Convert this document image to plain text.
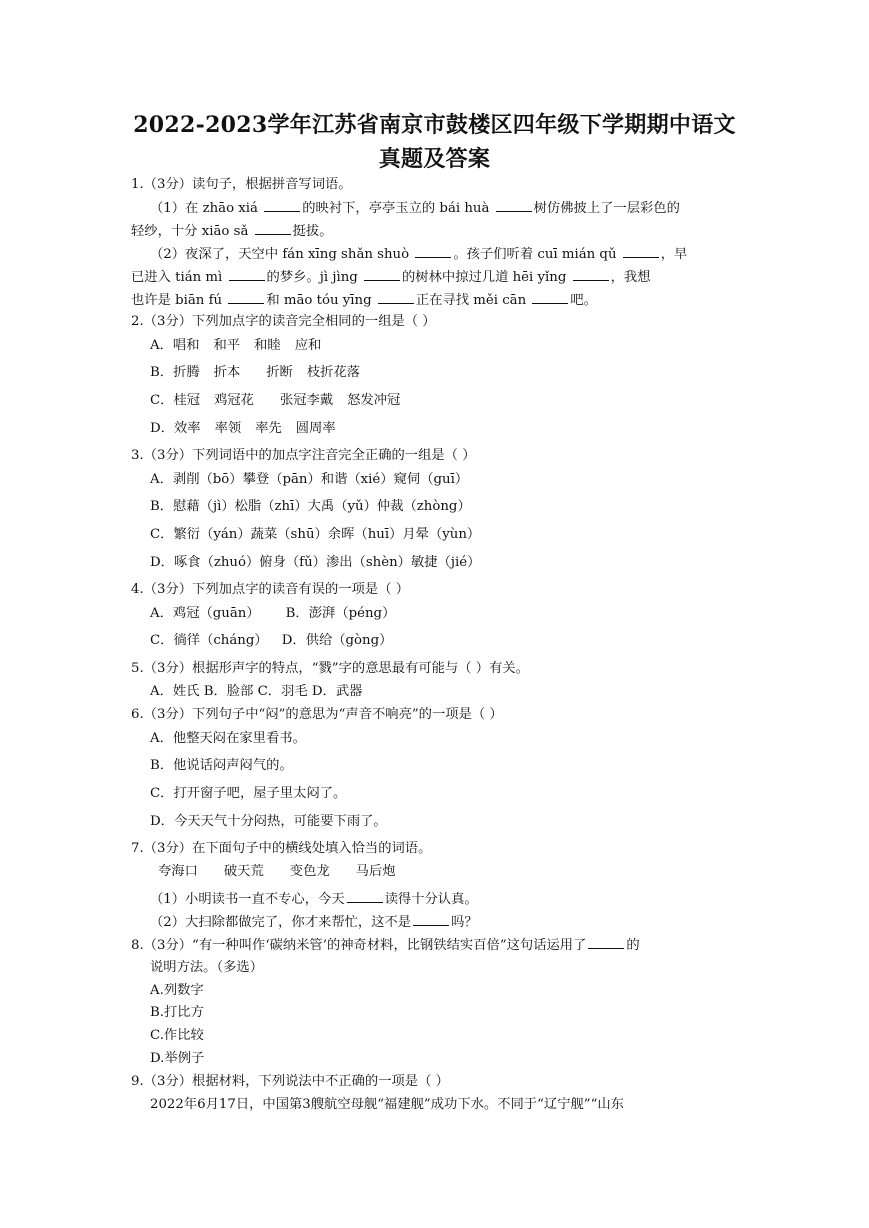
2022-2023学年江苏省南京市鼓楼区四年级下学期期中语文
真题及答案
1.（3分）读句子，根据拼音写词语。
（1）在 zhāo xiá	的映衬下，亭亭玉立的 bái huà	树仿佛披上了一层彩色的
轻纱，十分 xiāo sǎ	挺拔。
（2）夜深了，天空中 fán xīng shǎn shuò	。孩子们听着 cuī mián qǔ	，早
已进入 tián mì	的梦乡。jì jìng	的树林中掠过几道 hēi yǐng	，我想
也许是 biān fú	和 māo tóu yīng	正在寻找 měi cān	吧。
2.（3分）下列加点字的读音完全相同的一组是（ ）
A．唱和 和平 和睦 应和
B．折腾 折本 折断 枝折花落
C．桂冠 鸡冠花 张冠李戴 怒发冲冠
D．效率 率领 率先 圆周率
3.（3分）下列词语中的加点字注音完全正确的一组是（ ）
A．剥削（bō）攀登（pān）和谐（xié）窥伺（guī）
B．慰藉（jì）松脂（zhī）大禹（yǔ）仲裁（zhòng）
C．繁衍（yán）蔬菜（shū）余晖（huī）月晕（yùn）
D．啄食（zhuó）俯身（fǔ）渗出（shèn）敏捷（jié）
4.（3分）下列加点字的读音有误的一项是（ ）
A．鸡冠（guān） B．澎湃（péng）
C．徜徉（cháng） D．供给（gòng）
5.（3分）根据形声字的特点，“戮”字的意思最有可能与（ ）有关。
A．姓氏 B．脸部 C．羽毛 D．武器
6.（3分）下列句子中“闷”的意思为“声音不响亮”的一项是（ ）
A．他整天闷在家里看书。
B．他说话闷声闷气的。
C．打开窗子吧，屋子里太闷了。
D．今天天气十分闷热，可能要下雨了。
7.（3分）在下面句子中的横线处填入恰当的词语。
夸海口 破天荒 变色龙 马后炮
（1）小明读书一直不专心，今天	读得十分认真。
（2）大扫除都做完了，你才来帮忙，这不是	吗？
8.（3分）“有一种叫作‘碳纳米管’的神奇材料，比钢铁结实百倍”这句话运用了	的
说明方法。（多选）
A.列数字
B.打比方
C.作比较
D.举例子
9.（3分）根据材料，下列说法中不正确的一项是（ ）
2022年6月17日，中国第3艘航空母舰“福建舰”成功下水。不同于“辽宁舰”“山东
